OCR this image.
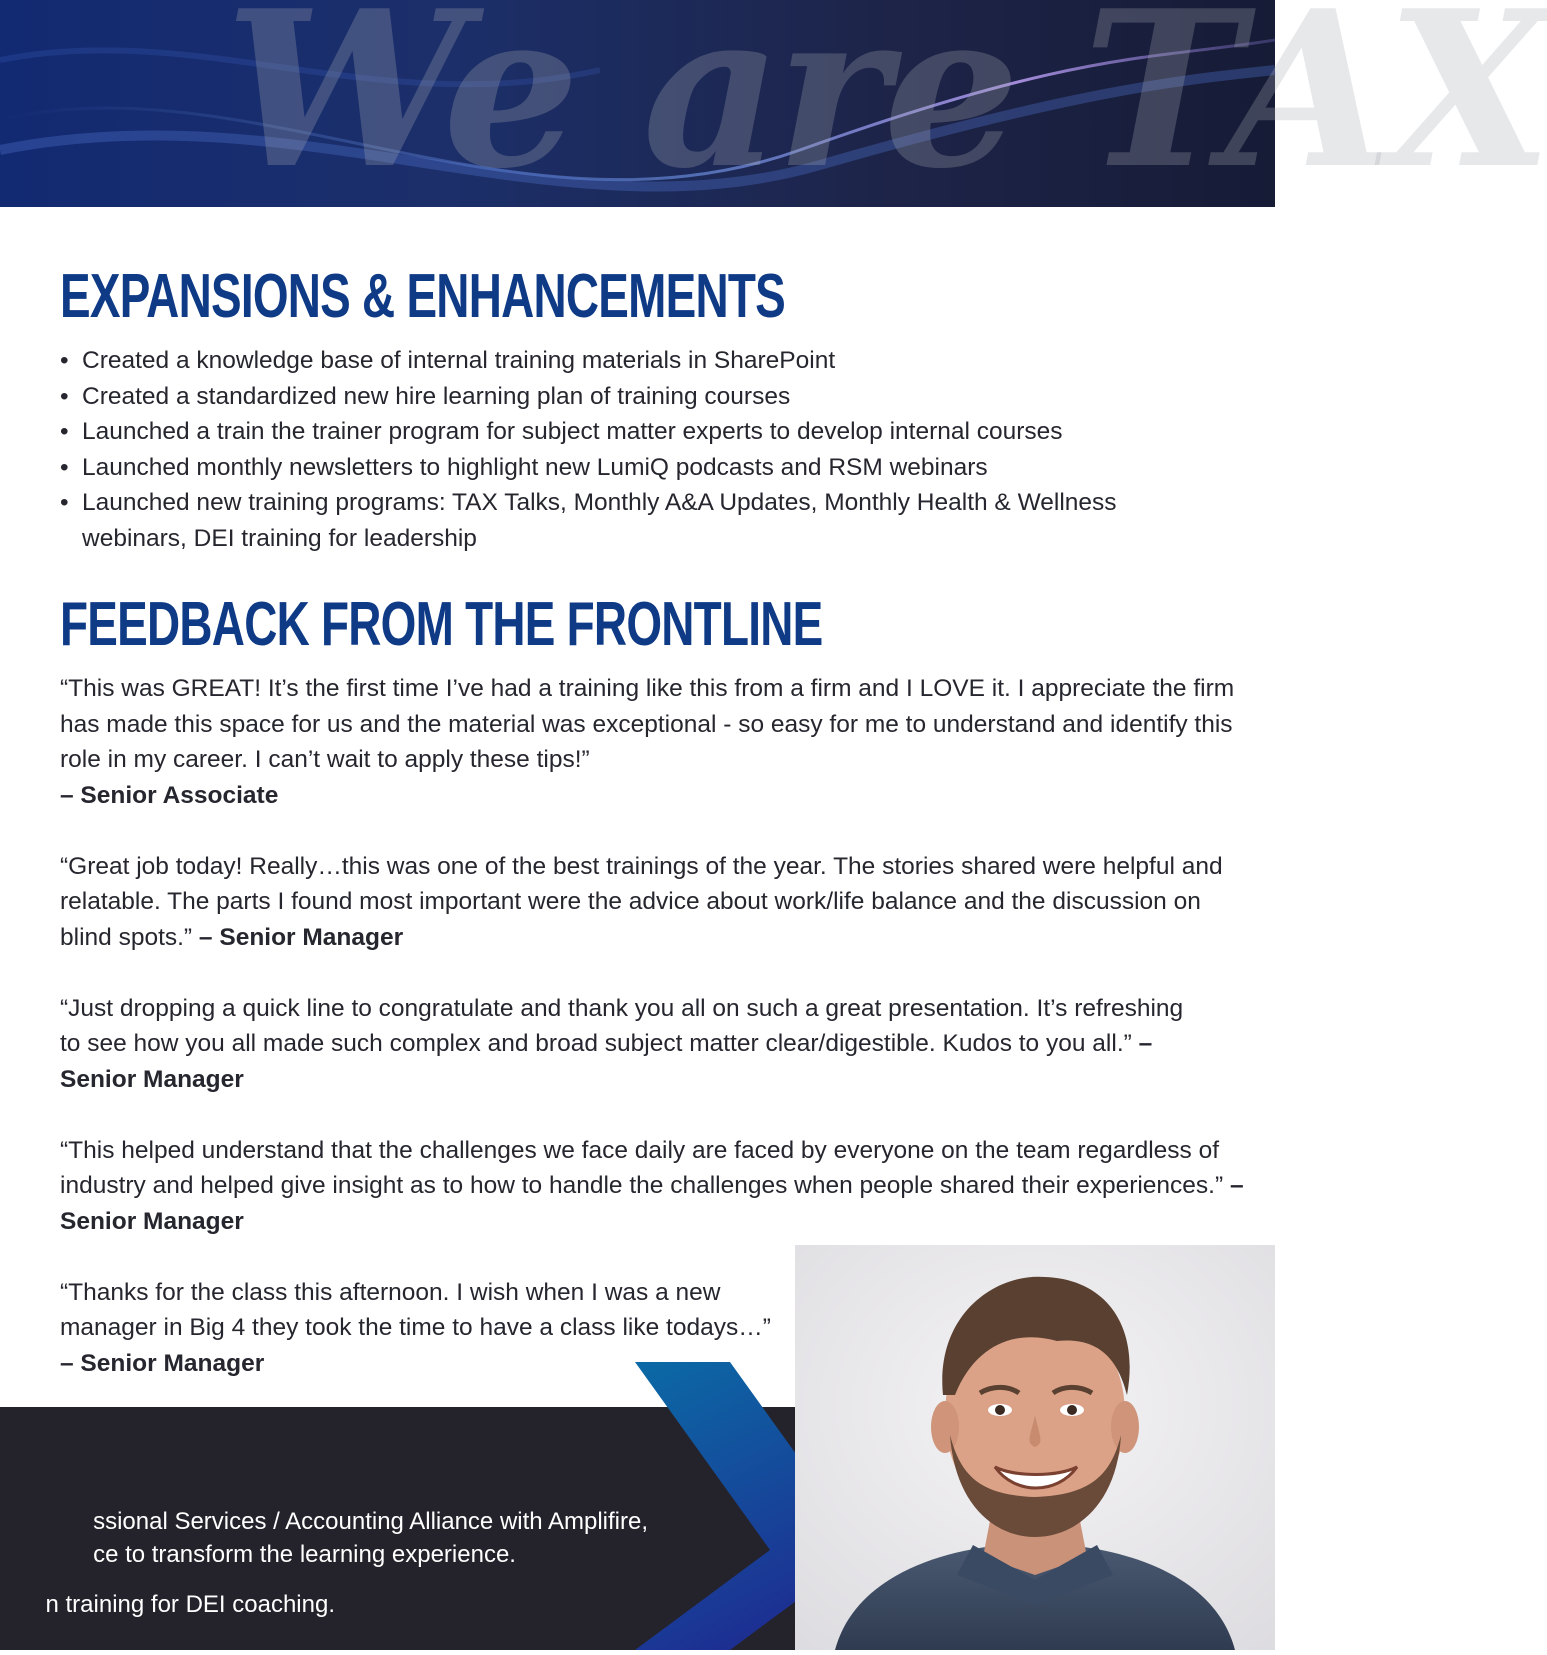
We are TAX
EXPANSIONS & ENHANCEMENTS
• Created a knowledge base of internal training materials in SharePoint
• Created a standardized new hire learning plan of training courses
• Launched a train the trainer program for subject matter experts to develop internal courses
• Launched monthly newsletters to highlight new LumiQ podcasts and RSM webinars
• Launched new training programs: TAX Talks, Monthly A&A Updates, Monthly Health & Wellness webinars, DEI training for leadership
FEEDBACK FROM THE FRONTLINE

“This was GREAT! It’s the first time I’ve had a training like this from a firm and I LOVE it. I appreciate the firm has made this space for us and the material was exceptional - so easy for me to understand and identify this role in my career. I can’t wait to apply these tips!”
– Senior Associate

“Great job today! Really…this was one of the best trainings of the year. The stories shared were helpful and relatable. The parts I found most important were the advice about work/life balance and the discussion on blind spots.” – Senior Manager

“Just dropping a quick line to congratulate and thank you all on such a great presentation. It’s refreshing to see how you all made such complex and broad subject matter clear/digestible. Kudos to you all.” – Senior Manager

“This helped understand that the challenges we face daily are faced by everyone on the team regardless of industry and helped give insight as to how to handle the challenges when people shared their experiences.” – Senior Manager

“Thanks for the class this afternoon. I wish when I was a new manager in Big 4 they took the time to have a class like todays…” – Senior Manager

ssional Services / Accounting Alliance with Amplifire,
ce to transform the learning experience.
n training for DEI coaching.
